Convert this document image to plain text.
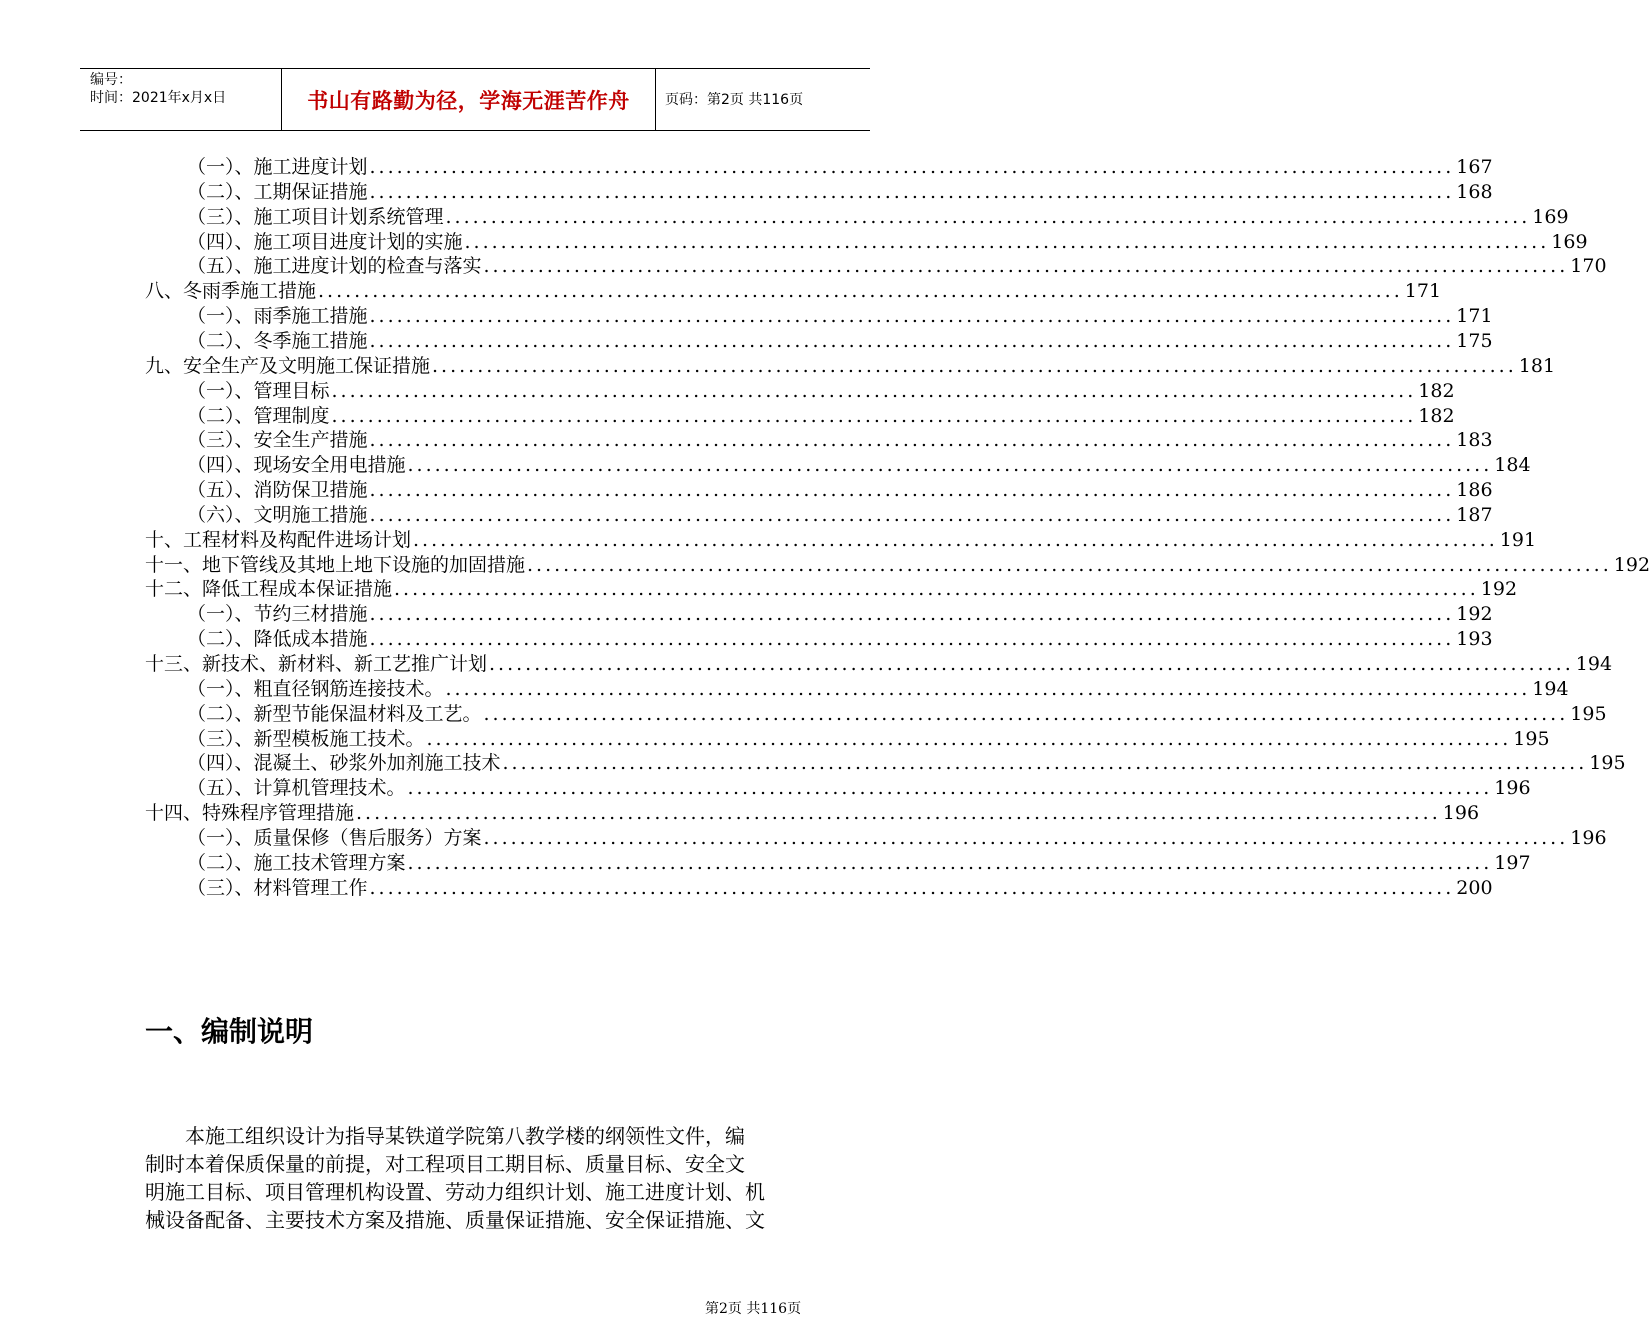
编号：
时间：2021年x月x日	书山有路勤为径，学海无涯苦作舟	页码：第2页 共116页
（一）、施工进度计划 ........................................................................................................................ 167
（二）、工期保证措施 ........................................................................................................................ 168
（三）、施工项目计划系统管理 ........................................................................................................................ 169
（四）、施工项目进度计划的实施 ........................................................................................................................ 169
（五）、施工进度计划的检查与落实 ........................................................................................................................ 170
八、冬雨季施工措施 ........................................................................................................................ 171
（一）、雨季施工措施 ........................................................................................................................ 171
（二）、冬季施工措施 ........................................................................................................................ 175
九、安全生产及文明施工保证措施 ........................................................................................................................ 181
（一）、管理目标 ........................................................................................................................ 182
（二）、管理制度 ........................................................................................................................ 182
（三）、安全生产措施 ........................................................................................................................ 183
（四）、现场安全用电措施 ........................................................................................................................ 184
（五）、消防保卫措施 ........................................................................................................................ 186
（六）、文明施工措施 ........................................................................................................................ 187
十、工程材料及构配件进场计划 ........................................................................................................................ 191
十一、地下管线及其地上地下设施的加固措施 ........................................................................................................................ 192
十二、降低工程成本保证措施 ........................................................................................................................ 192
（一）、节约三材措施 ........................................................................................................................ 192
（二）、降低成本措施 ........................................................................................................................ 193
十三、新技术、新材料、新工艺推广计划 ........................................................................................................................ 194
（一）、粗直径钢筋连接技术。 ........................................................................................................................ 194
（二）、新型节能保温材料及工艺。 ........................................................................................................................ 195
（三）、新型模板施工技术。 ........................................................................................................................ 195
（四）、混凝土、砂浆外加剂施工技术 ........................................................................................................................ 195
（五）、计算机管理技术。 ........................................................................................................................ 196
十四、特殊程序管理措施 ........................................................................................................................ 196
（一）、质量保修（售后服务）方案 ........................................................................................................................ 196
（二）、施工技术管理方案 ........................................................................................................................ 197
（三）、材料管理工作 ........................................................................................................................ 200
一、编制说明
本施工组织设计为指导某铁道学院第八教学楼的纲领性文件，编
制时本着保质保量的前提，对工程项目工期目标、质量目标、安全文
明施工目标、项目管理机构设置、劳动力组织计划、施工进度计划、机
械设备配备、主要技术方案及措施、质量保证措施、安全保证措施、文
第2页 共116页
